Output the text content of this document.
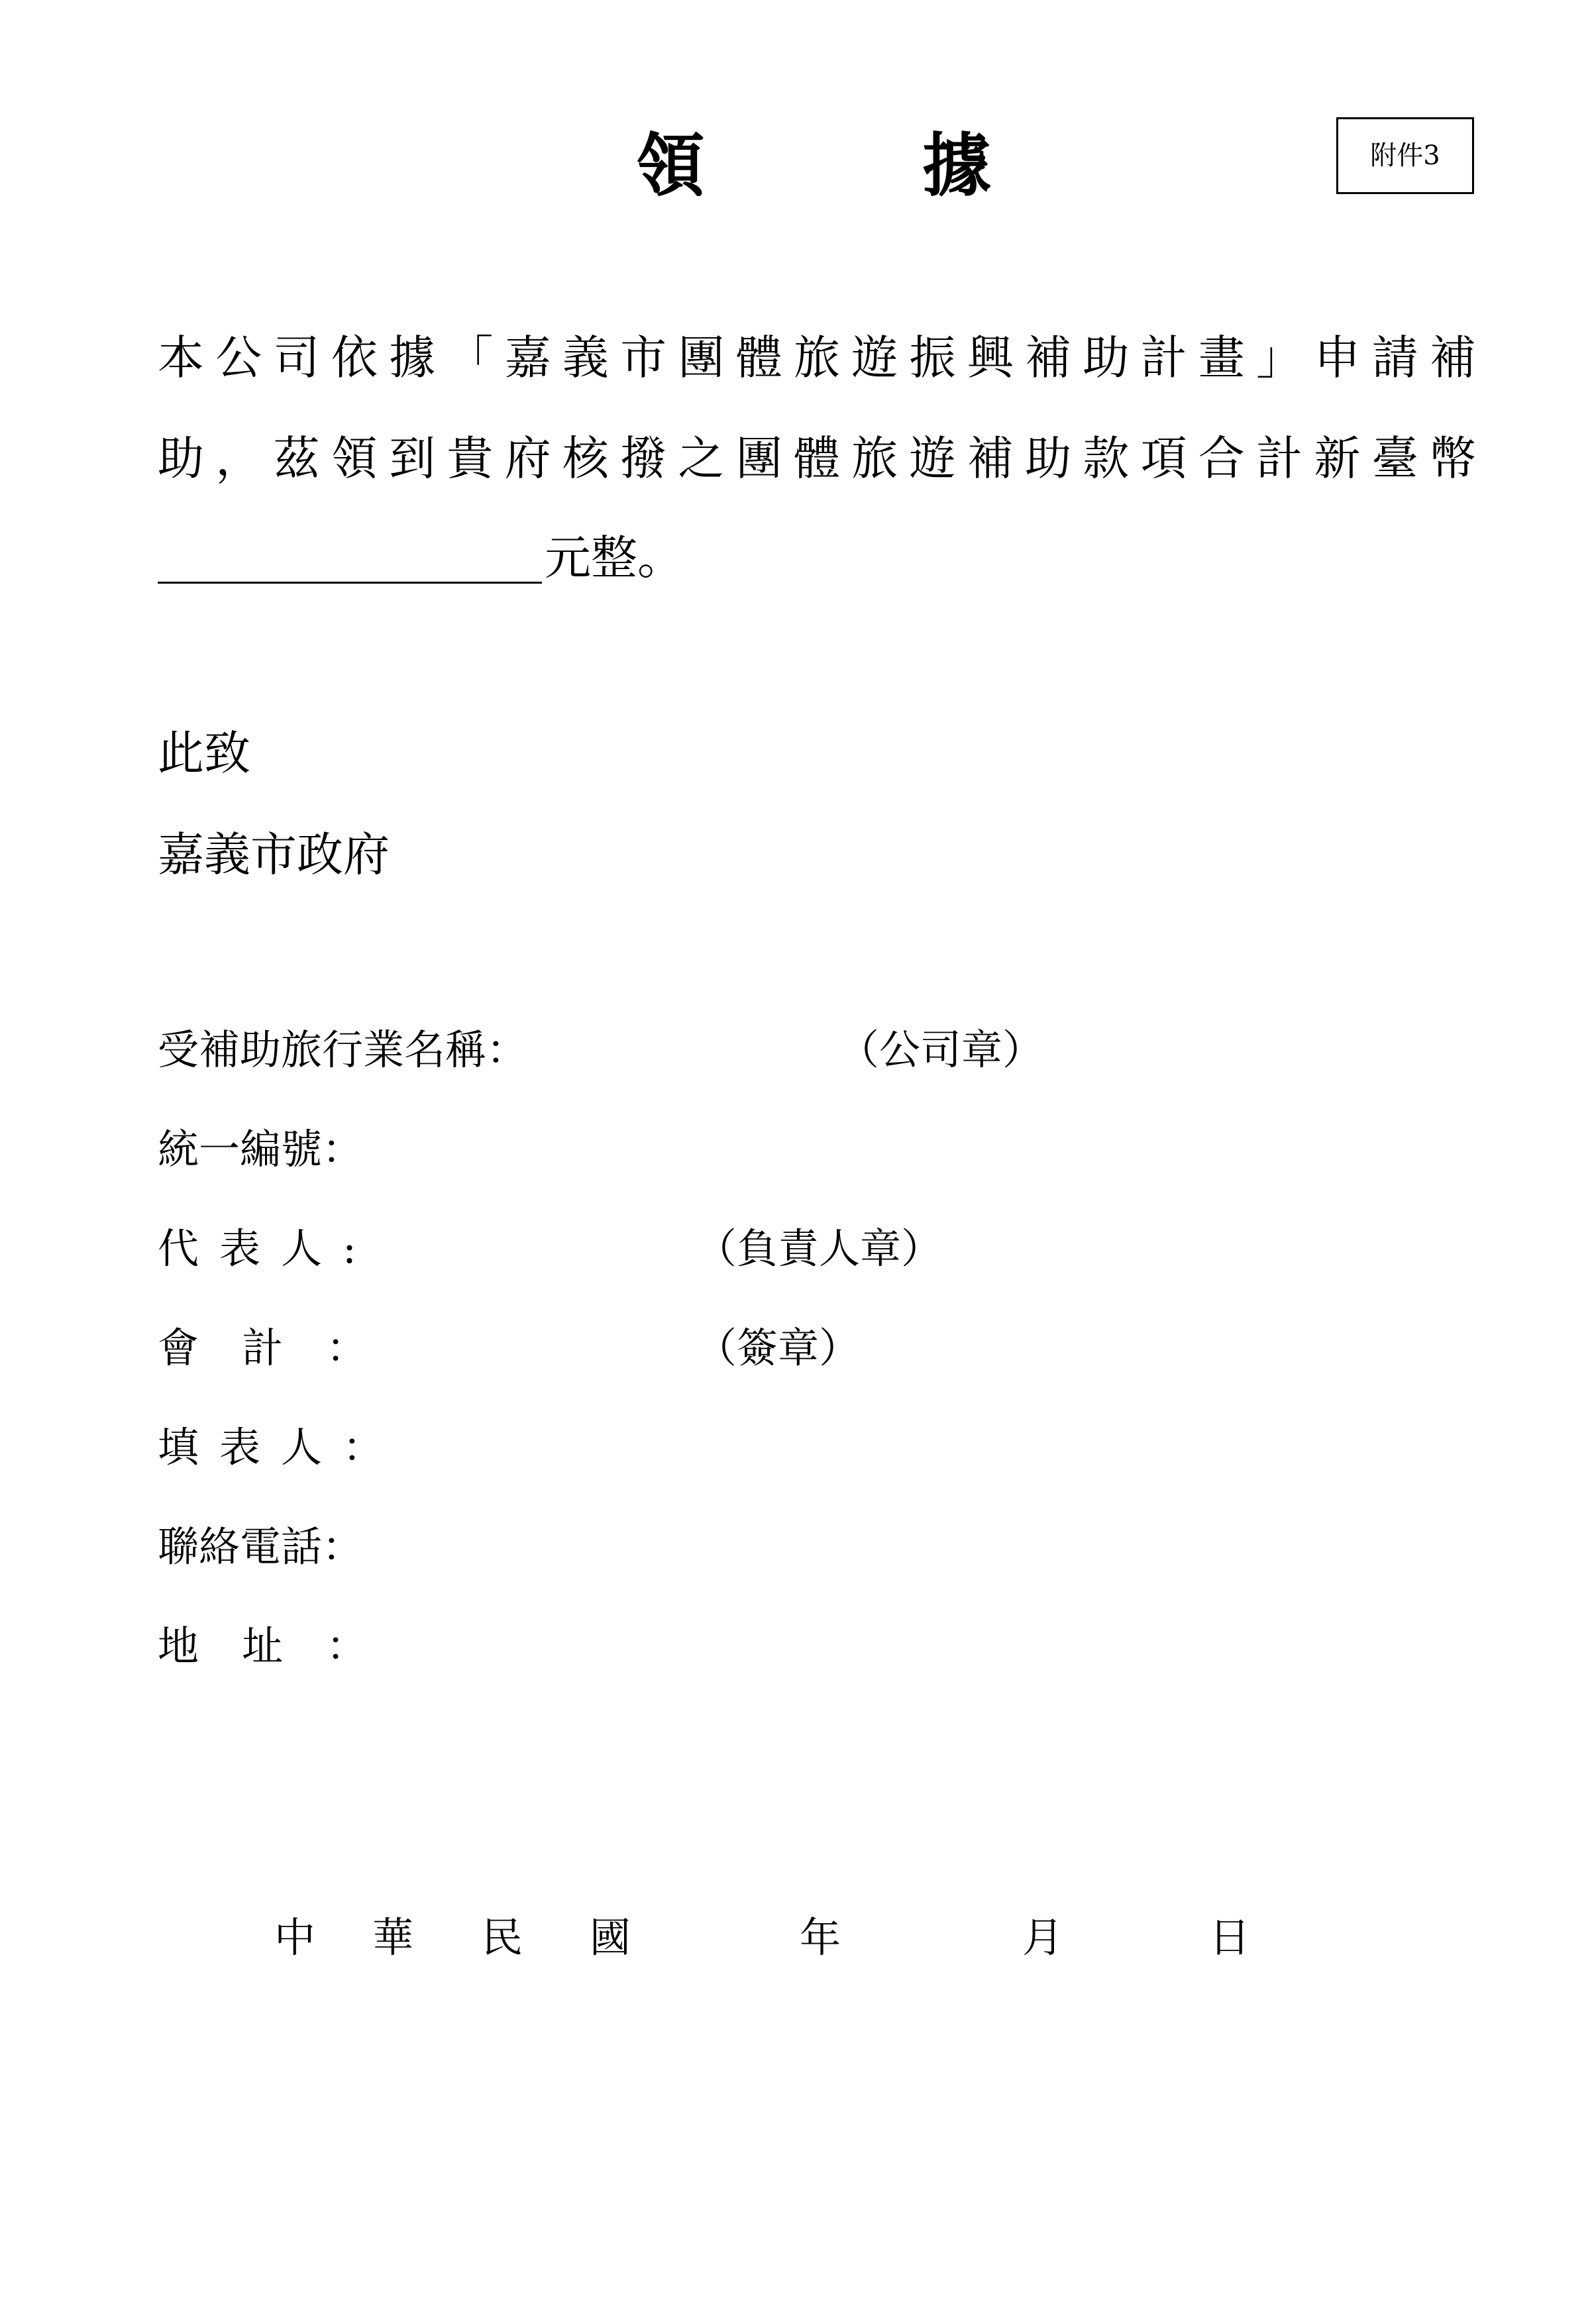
領	據	附件3
本公司依據「嘉義市團體旅遊振興補助計畫」申請補
助，茲領到貴府核撥之團體旅遊補助款項合計新臺幣
元整。
此致
嘉義市政府
受補助旅行業名稱：	（公司章）
統一編號：
代表人:	（負責人章）
會計：	（簽章）
填表人：
聯絡電話：
地址：
中 華 民 國	年	月	日
